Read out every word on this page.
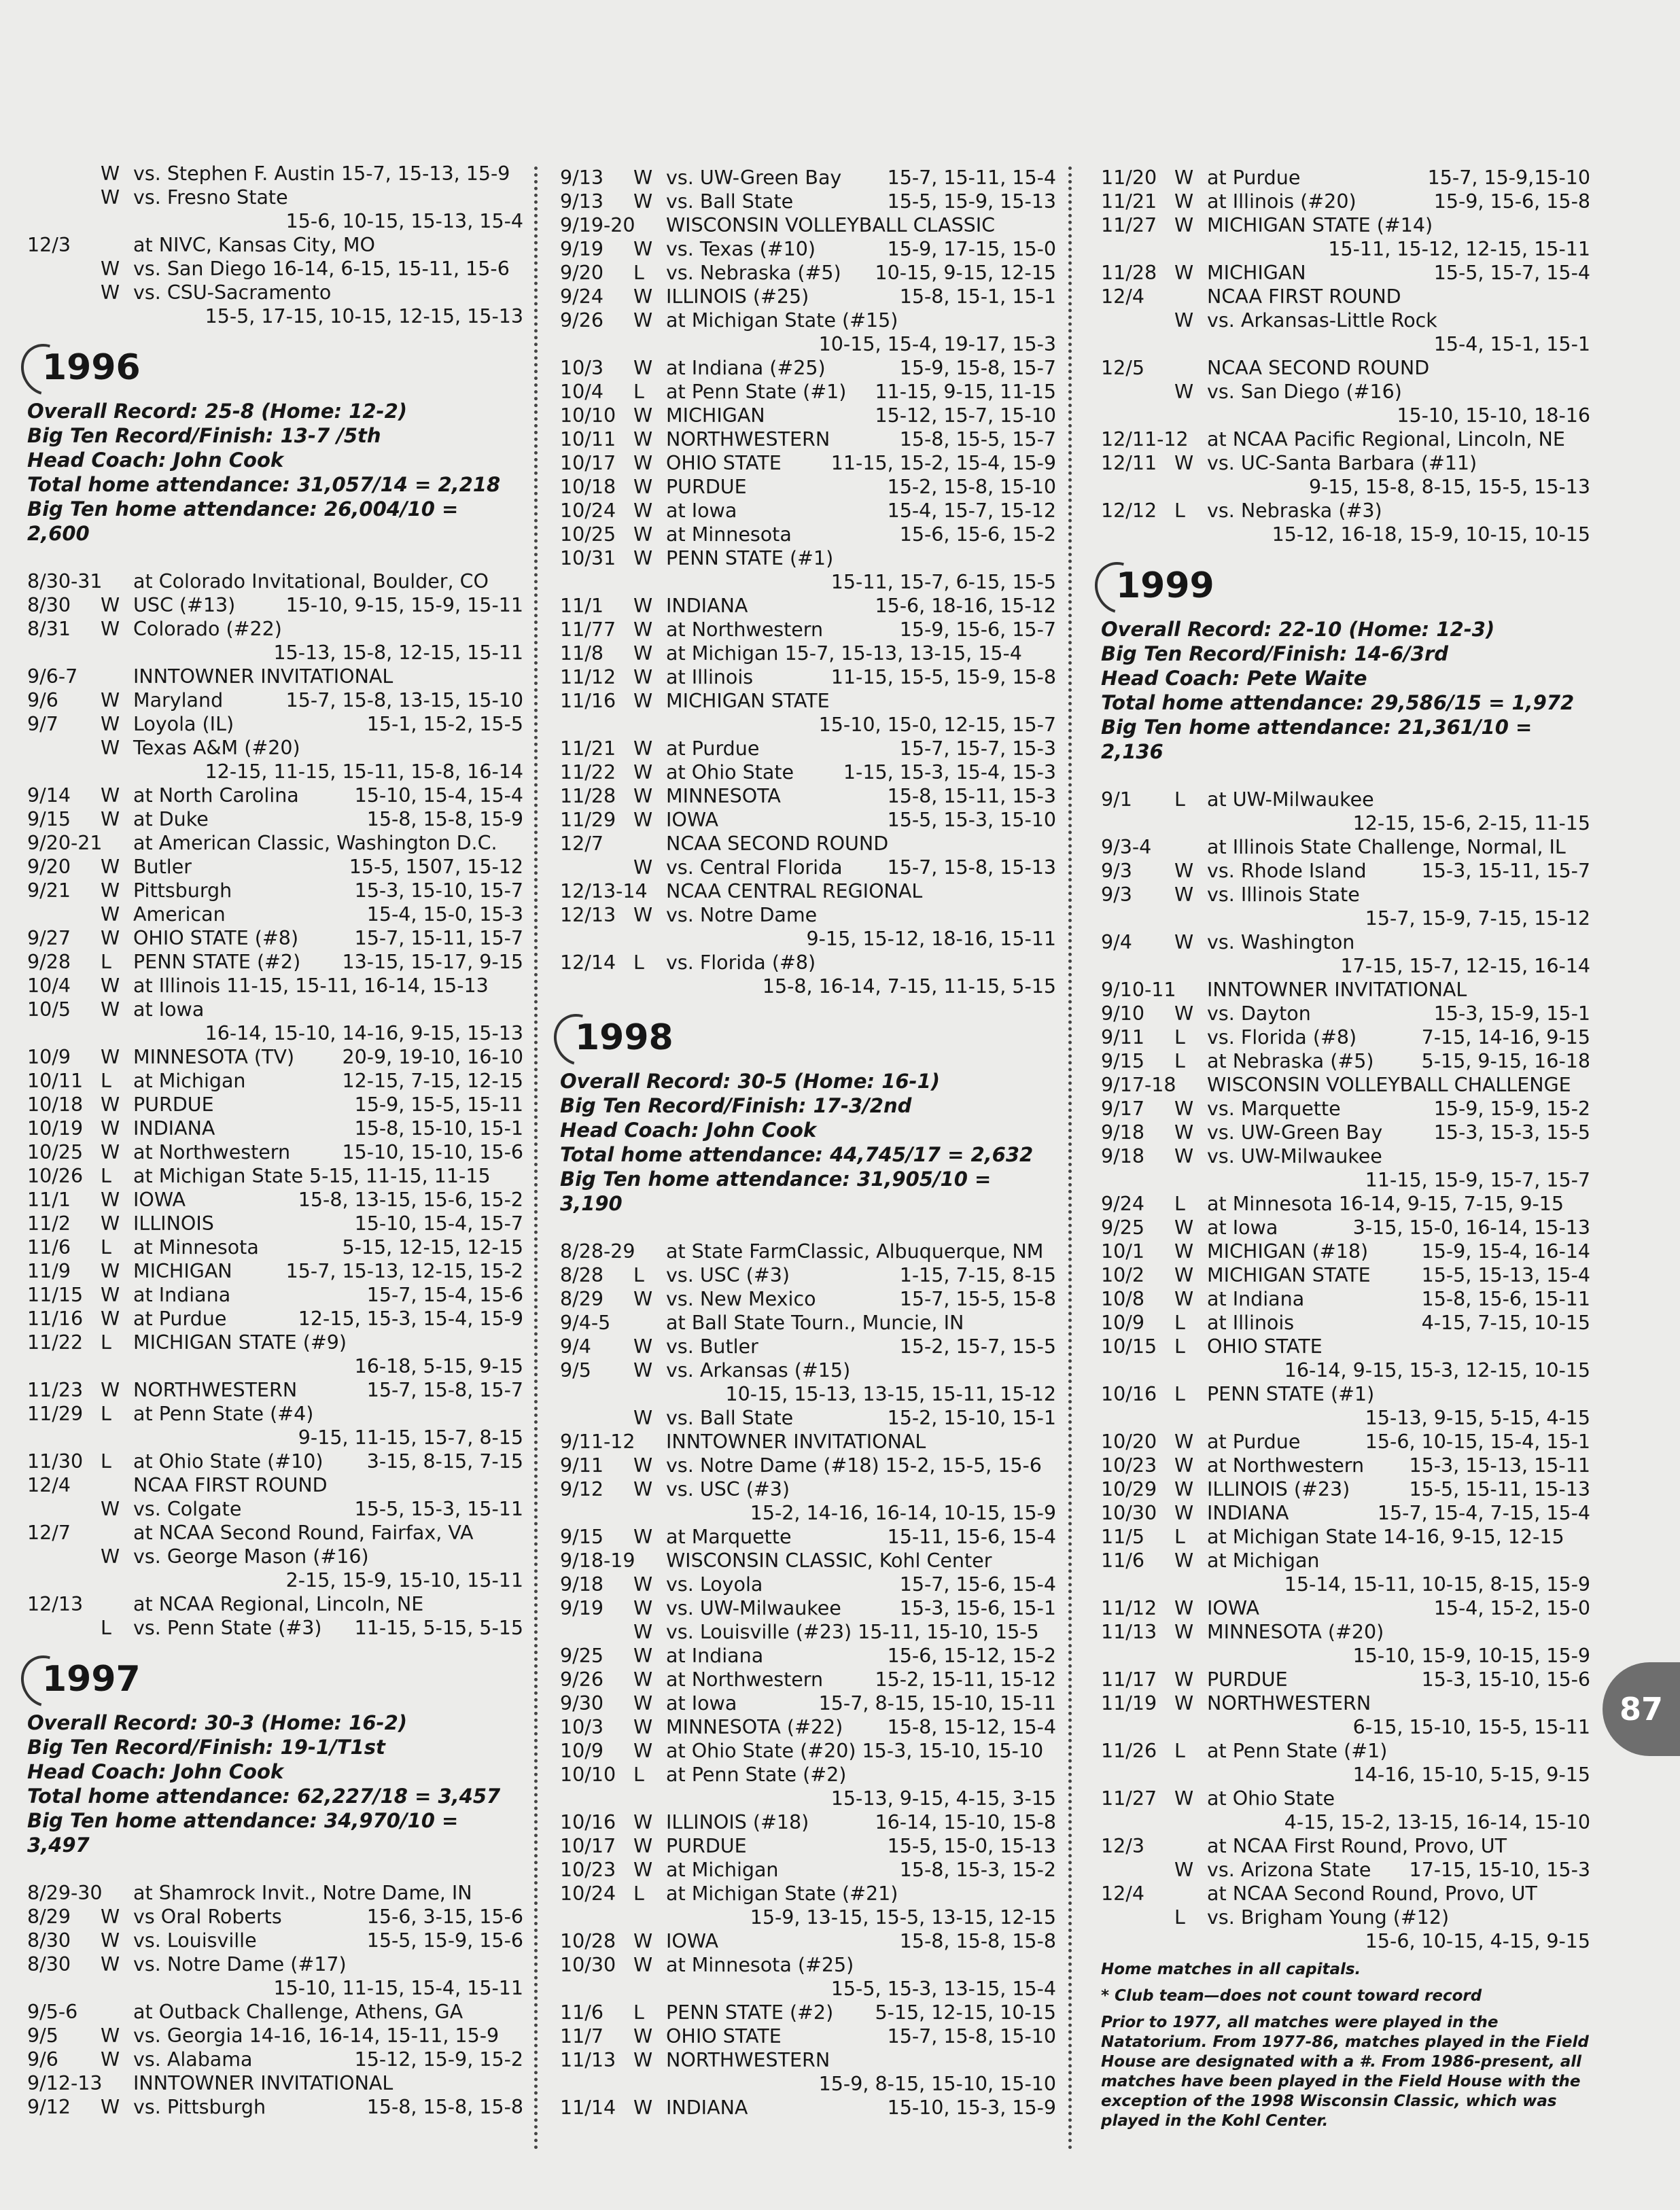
W vs. Stephen F. Austin 15-7, 15-13, 15-9
W vs. Fresno State
15-6, 10-15, 15-13, 15-4
12/3	at NIVC, Kansas City, MO
W vs. San Diego 16-14, 6-15, 15-11, 15-6
W vs. CSU-Sacramento
15-5, 17-15, 10-15, 12-15, 15-13
1996
Overall Record: 25-8 (Home: 12-2)
Big Ten Record/Finish: 13-7 /5th
Head Coach: John Cook
Total home attendance: 31,057/14 = 2,218
Big Ten home attendance: 26,004/10 = 2,600
8/30-31 at Colorado Invitational, Boulder, CO
8/30 W USC (#13)	15-10, 9-15, 15-9, 15-11
8/31 W Colorado (#22)
15-13, 15-8, 12-15, 15-11
9/6-7	INNTOWNER INVITATIONAL
9/6 W Maryland	15-7, 15-8, 13-15, 15-10
9/7 W Loyola (IL)	15-1, 15-2, 15-5
W Texas A&M (#20)
12-15, 11-15, 15-11, 15-8, 16-14
9/14 W at North Carolina	15-10, 15-4, 15-4
9/15 W at Duke	15-8, 15-8, 15-9
9/20-21 at American Classic, Washington D.C.
9/20 W Butler	15-5, 1507, 15-12
9/21 W Pittsburgh	15-3, 15-10, 15-7
W American	15-4, 15-0, 15-3
9/27 W OHIO STATE (#8)	15-7, 15-11, 15-7
9/28 L PENN STATE (#2) 13-15, 15-17, 9-15
10/4 W at Illinois 11-15, 15-11, 16-14, 15-13
10/5 W at Iowa
16-14, 15-10, 14-16, 9-15, 15-13
10/9 W MINNESOTA (TV) 20-9, 19-10, 16-10
10/11 L at Michigan	12-15, 7-15, 12-15
10/18 W PURDUE	15-9, 15-5, 15-11
10/19 W INDIANA	15-8, 15-10, 15-1
10/25 W at Northwestern	15-10, 15-10, 15-6
10/26 L at Michigan State 5-15, 11-15, 11-15
11/1 W IOWA	15-8, 13-15, 15-6, 15-2
11/2 W ILLINOIS	15-10, 15-4, 15-7
11/6 L at Minnesota	5-15, 12-15, 12-15
11/9 W MICHIGAN	15-7, 15-13, 12-15, 15-2
11/15 W at Indiana	15-7, 15-4, 15-6
11/16 W at Purdue	12-15, 15-3, 15-4, 15-9
11/22 L MICHIGAN STATE (#9)
16-18, 5-15, 9-15
11/23 W NORTHWESTERN	15-7, 15-8, 15-7
11/29 L at Penn State (#4)
9-15, 11-15, 15-7, 8-15
11/30 L at Ohio State (#10) 3-15, 8-15, 7-15
12/4	NCAA FIRST ROUND
W vs. Colgate	15-5, 15-3, 15-11
12/7	at NCAA Second Round, Fairfax, VA
W vs. George Mason (#16)
2-15, 15-9, 15-10, 15-11
12/13	at NCAA Regional, Lincoln, NE
L vs. Penn State (#3) 11-15, 5-15, 5-15
1997
Overall Record: 30-3 (Home: 16-2)
Big Ten Record/Finish: 19-1/T1st
Head Coach: John Cook
Total home attendance: 62,227/18 = 3,457
Big Ten home attendance: 34,970/10 = 3,497
8/29-30 at Shamrock Invit., Notre Dame, IN
8/29 W vs Oral Roberts	15-6, 3-15, 15-6
8/30 W vs. Louisville	15-5, 15-9, 15-6
8/30 W vs. Notre Dame (#17)
15-10, 11-15, 15-4, 15-11
9/5-6	at Outback Challenge, Athens, GA
9/5 W vs. Georgia 14-16, 16-14, 15-11, 15-9
9/6 W vs. Alabama	15-12, 15-9, 15-2
9/12-13 INNTOWNER INVITATIONAL
9/12 W vs. Pittsburgh	15-8, 15-8, 15-8
9/13 W vs. UW-Green Bay 15-7, 15-11, 15-4
9/13 W vs. Ball State	15-5, 15-9, 15-13
9/19-20 WISCONSIN VOLLEYBALL CLASSIC
9/19 W vs. Texas (#10)	15-9, 17-15, 15-0
9/20 L vs. Nebraska (#5) 10-15, 9-15, 12-15
9/24 W ILLINOIS (#25)	15-8, 15-1, 15-1
9/26 W at Michigan State (#15)
10-15, 15-4, 19-17, 15-3
10/3 W at Indiana (#25)	15-9, 15-8, 15-7
10/4 L at Penn State (#1) 11-15, 9-15, 11-15
10/10 W MICHIGAN	15-12, 15-7, 15-10
10/11 W NORTHWESTERN	15-8, 15-5, 15-7
10/17 W OHIO STATE	11-15, 15-2, 15-4, 15-9
10/18 W PURDUE	15-2, 15-8, 15-10
10/24 W at Iowa	15-4, 15-7, 15-12
10/25 W at Minnesota	15-6, 15-6, 15-2
10/31 W PENN STATE (#1)
15-11, 15-7, 6-15, 15-5
11/1 W INDIANA	15-6, 18-16, 15-12
11/77 W at Northwestern	15-9, 15-6, 15-7
11/8 W at Michigan 15-7, 15-13, 13-15, 15-4
11/12 W at Illinois	11-15, 15-5, 15-9, 15-8
11/16 W MICHIGAN STATE
15-10, 15-0, 12-15, 15-7
11/21 W at Purdue	15-7, 15-7, 15-3
11/22 W at Ohio State	1-15, 15-3, 15-4, 15-3
11/28 W MINNESOTA	15-8, 15-11, 15-3
11/29 W IOWA	15-5, 15-3, 15-10
12/7	NCAA SECOND ROUND
W vs. Central Florida 15-7, 15-8, 15-13
12/13-14 NCAA CENTRAL REGIONAL
12/13 W vs. Notre Dame
9-15, 15-12, 18-16, 15-11
12/14 L vs. Florida (#8)
15-8, 16-14, 7-15, 11-15, 5-15
1998
Overall Record: 30-5 (Home: 16-1)
Big Ten Record/Finish: 17-3/2nd
Head Coach: John Cook
Total home attendance: 44,745/17 = 2,632
Big Ten home attendance: 31,905/10 = 3,190
8/28-29 at State FarmClassic, Albuquerque, NM
8/28 L vs. USC (#3)	1-15, 7-15, 8-15
8/29 W vs. New Mexico	15-7, 15-5, 15-8
9/4-5	at Ball State Tourn., Muncie, IN
9/4 W vs. Butler	15-2, 15-7, 15-5
9/5 W vs. Arkansas (#15)
10-15, 15-13, 13-15, 15-11, 15-12
W vs. Ball State	15-2, 15-10, 15-1
9/11-12 INNTOWNER INVITATIONAL
9/11 W vs. Notre Dame (#18) 15-2, 15-5, 15-6
9/12 W vs. USC (#3)
15-2, 14-16, 16-14, 10-15, 15-9
9/15 W at Marquette	15-11, 15-6, 15-4
9/18-19 WISCONSIN CLASSIC, Kohl Center
9/18 W vs. Loyola	15-7, 15-6, 15-4
9/19 W vs. UW-Milwaukee	15-3, 15-6, 15-1
W vs. Louisville (#23) 15-11, 15-10, 15-5
9/25 W at Indiana	15-6, 15-12, 15-2
9/26 W at Northwestern	15-2, 15-11, 15-12
9/30 W at Iowa	15-7, 8-15, 15-10, 15-11
10/3 W MINNESOTA (#22) 15-8, 15-12, 15-4
10/9 W at Ohio State (#20) 15-3, 15-10, 15-10
10/10 L at Penn State (#2)
15-13, 9-15, 4-15, 3-15
10/16 W ILLINOIS (#18)	16-14, 15-10, 15-8
10/17 W PURDUE	15-5, 15-0, 15-13
10/23 W at Michigan	15-8, 15-3, 15-2
10/24 L at Michigan State (#21)
15-9, 13-15, 15-5, 13-15, 12-15
10/28 W IOWA	15-8, 15-8, 15-8
10/30 W at Minnesota (#25)
15-5, 15-3, 13-15, 15-4
11/6 L PENN STATE (#2) 5-15, 12-15, 10-15
11/7 W OHIO STATE	15-7, 15-8, 15-10
11/13 W NORTHWESTERN
15-9, 8-15, 15-10, 15-10
11/14 W INDIANA	15-10, 15-3, 15-9
11/20 W at Purdue	15-7, 15-9,15-10
11/21 W at Illinois (#20)	15-9, 15-6, 15-8
11/27 W MICHIGAN STATE (#14)
15-11, 15-12, 12-15, 15-11
11/28 W MICHIGAN	15-5, 15-7, 15-4
12/4	NCAA FIRST ROUND
W vs. Arkansas-Little Rock
15-4, 15-1, 15-1
12/5	NCAA SECOND ROUND
W vs. San Diego (#16)
15-10, 15-10, 18-16
12/11-12 at NCAA Pacific Regional, Lincoln, NE
12/11 W vs. UC-Santa Barbara (#11)
9-15, 15-8, 8-15, 15-5, 15-13
12/12 L vs. Nebraska (#3)
15-12, 16-18, 15-9, 10-15, 10-15
1999
Overall Record: 22-10 (Home: 12-3)
Big Ten Record/Finish: 14-6/3rd
Head Coach: Pete Waite
Total home attendance: 29,586/15 = 1,972
Big Ten home attendance: 21,361/10 = 2,136
9/1 L at UW-Milwaukee
12-15, 15-6, 2-15, 11-15
9/3-4	at Illinois State Challenge, Normal, IL
9/3 W vs. Rhode Island	15-3, 15-11, 15-7
9/3 W vs. Illinois State
15-7, 15-9, 7-15, 15-12
9/4 W vs. Washington
17-15, 15-7, 12-15, 16-14
9/10-11 INNTOWNER INVITATIONAL
9/10 W vs. Dayton	15-3, 15-9, 15-1
9/11 L vs. Florida (#8)	7-15, 14-16, 9-15
9/15 L at Nebraska (#5) 5-15, 9-15, 16-18
9/17-18 WISCONSIN VOLLEYBALL CHALLENGE
9/17 W vs. Marquette	15-9, 15-9, 15-2
9/18 W vs. UW-Green Bay	15-3, 15-3, 15-5
9/18 W vs. UW-Milwaukee
11-15, 15-9, 15-7, 15-7
9/24 L at Minnesota 16-14, 9-15, 7-15, 9-15
9/25 W at Iowa	3-15, 15-0, 16-14, 15-13
10/1 W MICHIGAN (#18)	15-9, 15-4, 16-14
10/2 W MICHIGAN STATE	15-5, 15-13, 15-4
10/8 W at Indiana	15-8, 15-6, 15-11
10/9 L at Illinois	4-15, 7-15, 10-15
10/15 L OHIO STATE
16-14, 9-15, 15-3, 12-15, 10-15
10/16 L PENN STATE (#1)
15-13, 9-15, 5-15, 4-15
10/20 W at Purdue	15-6, 10-15, 15-4, 15-1
10/23 W at Northwestern 15-3, 15-13, 15-11
10/29 W ILLINOIS (#23)	15-5, 15-11, 15-13
10/30 W INDIANA	15-7, 15-4, 7-15, 15-4
11/5 L at Michigan State 14-16, 9-15, 12-15
11/6 W at Michigan
15-14, 15-11, 10-15, 8-15, 15-9
11/12 W IOWA	15-4, 15-2, 15-0
11/13 W MINNESOTA (#20)
15-10, 15-9, 10-15, 15-9
11/17 W PURDUE	15-3, 15-10, 15-6
11/19 W NORTHWESTERN
6-15, 15-10, 15-5, 15-11
11/26 L at Penn State (#1)
14-16, 15-10, 5-15, 9-15
11/27 W at Ohio State
4-15, 15-2, 13-15, 16-14, 15-10
12/3	at NCAA First Round, Provo, UT
W vs. Arizona State 17-15, 15-10, 15-3
12/4	at NCAA Second Round, Provo, UT
L vs. Brigham Young (#12)
15-6, 10-15, 4-15, 9-15
Home matches in all capitals.
* Club team—does not count toward record
Prior to 1977, all matches were played in the Natatorium. From 1977-86, matches played in the Field House are designated with a #. From 1986-present, all matches have been played in the Field House with the exception of the 1998 Wisconsin Classic, which was played in the Kohl Center.
87
